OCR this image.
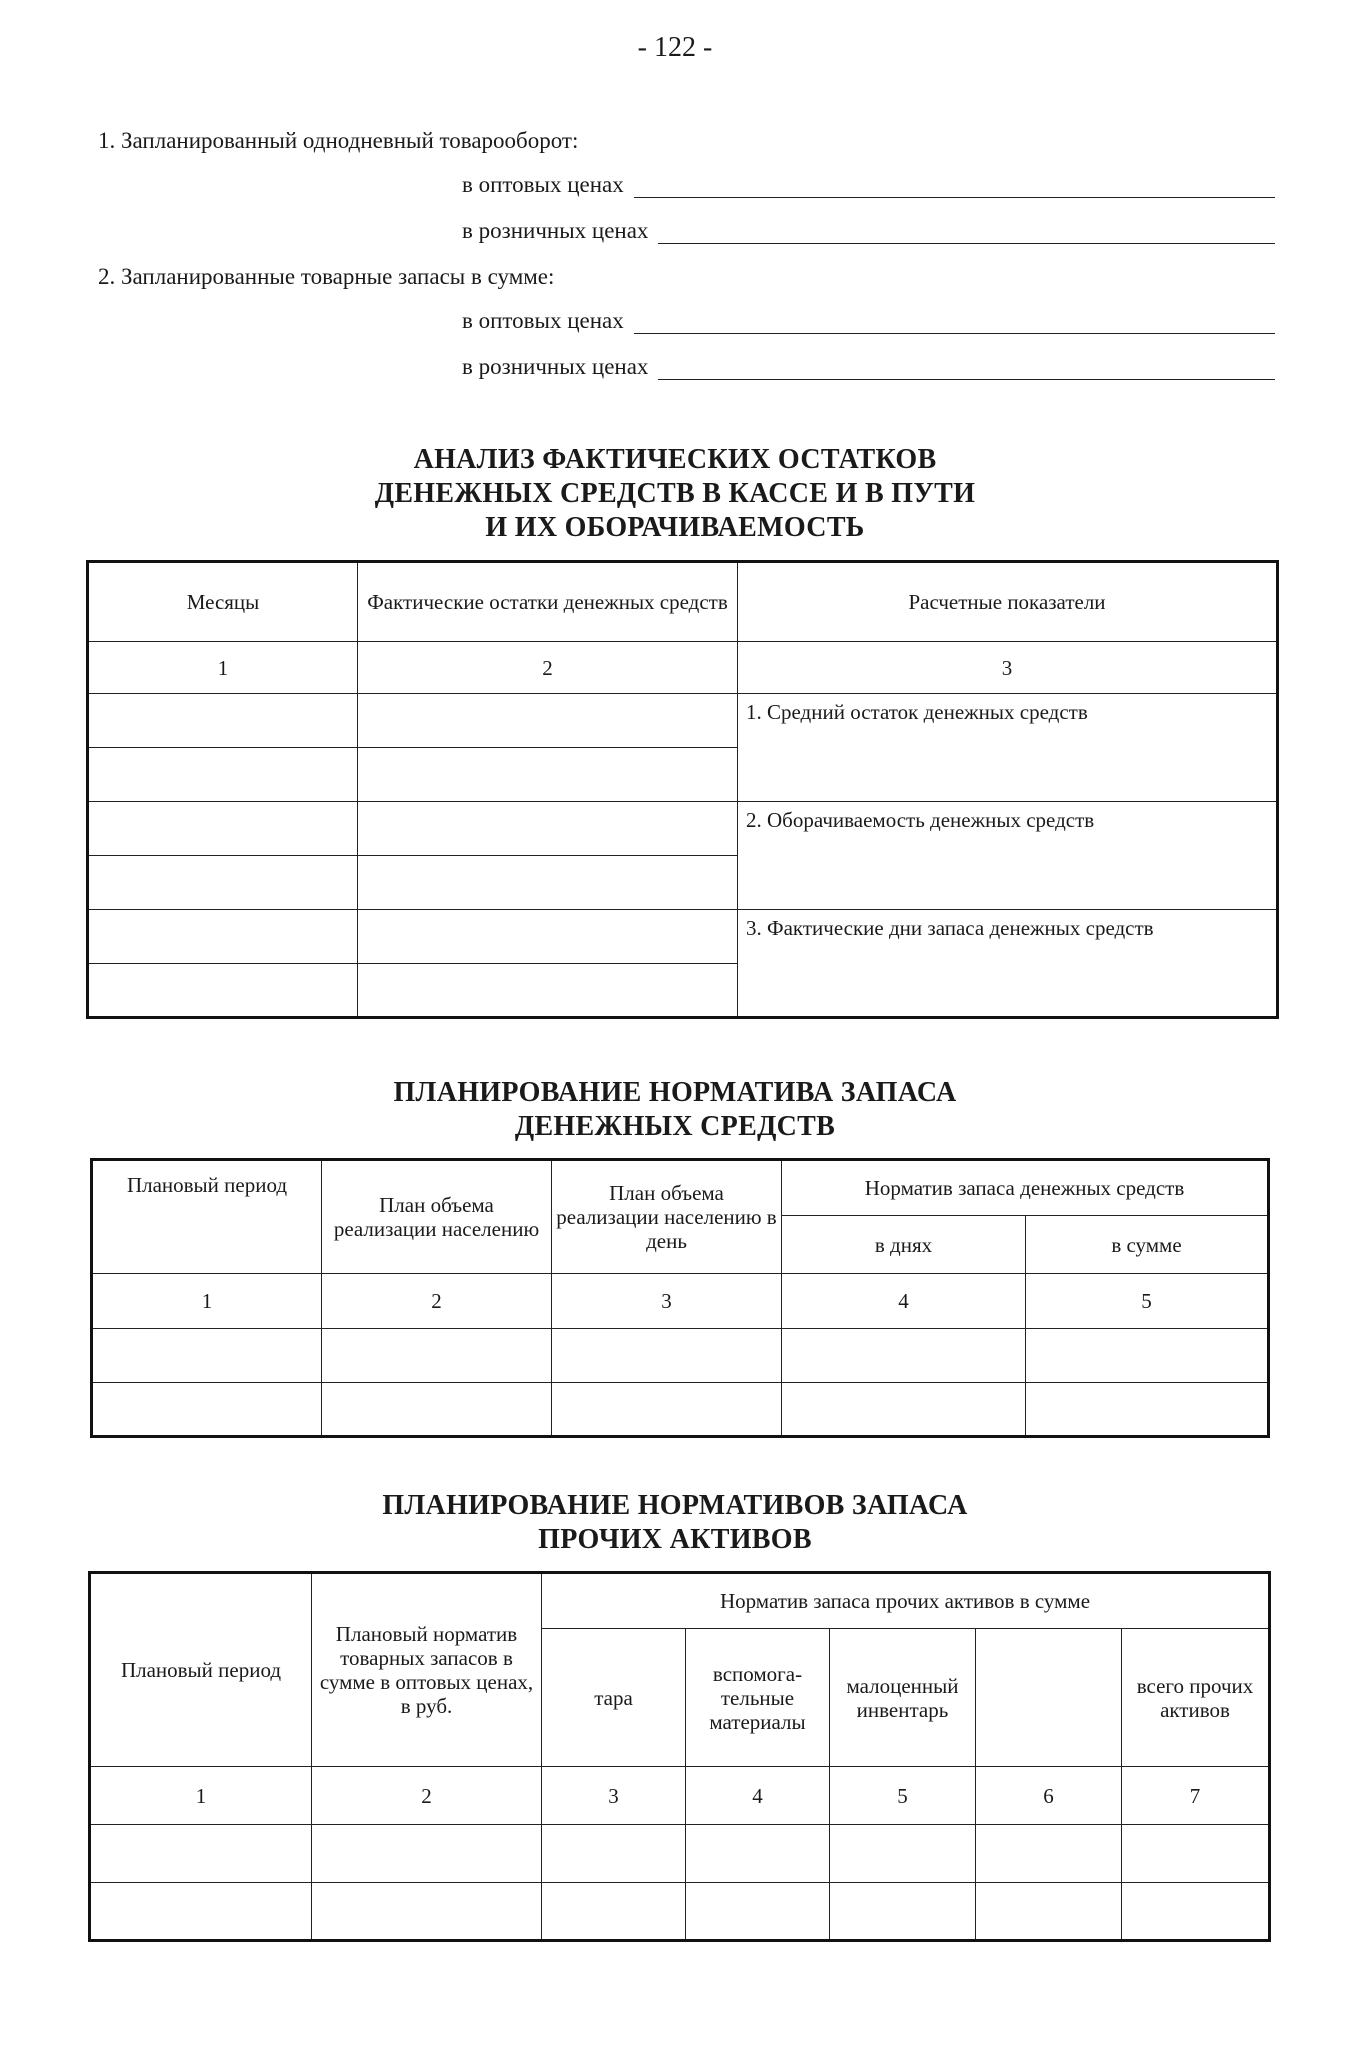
- 122 -
1. Запланированный однодневный товарооборот:
в оптовых ценах
в розничных ценах
2. Запланированные товарные запасы в сумме:
в оптовых ценах
в розничных ценах
АНАЛИЗ ФАКТИЧЕСКИХ ОСТАТКОВ
ДЕНЕЖНЫХ СРЕДСТВ В КАССЕ И В ПУТИ
И ИХ ОБОРАЧИВАЕМОСТЬ
Месяцы	Фактические остатки денежных средств	Расчетные показатели
1	2	3
		1. Средний остаток денежных средств

		2. Оборачиваемость денежных средств

		3. Фактические дни запаса денежных средств

ПЛАНИРОВАНИЕ НОРМАТИВА ЗАПАСА
ДЕНЕЖНЫХ СРЕДСТВ
Плановый период	План объема реализации населению	План объема реализации населению в день	Норматив запаса денежных средств	
			в днях	в сумме
1	2	3	4	5

ПЛАНИРОВАНИЕ НОРМАТИВОВ ЗАПАСА
ПРОЧИХ АКТИВОВ
Плановый период	Плановый норматив товарных запасов в сумме в оптовых ценах, в руб.	Норматив запаса прочих активов в сумме				
		тара	вспомога-тельные материалы	малоценный инвентарь		всего прочих активов
1	2	3	4	5	6	7
